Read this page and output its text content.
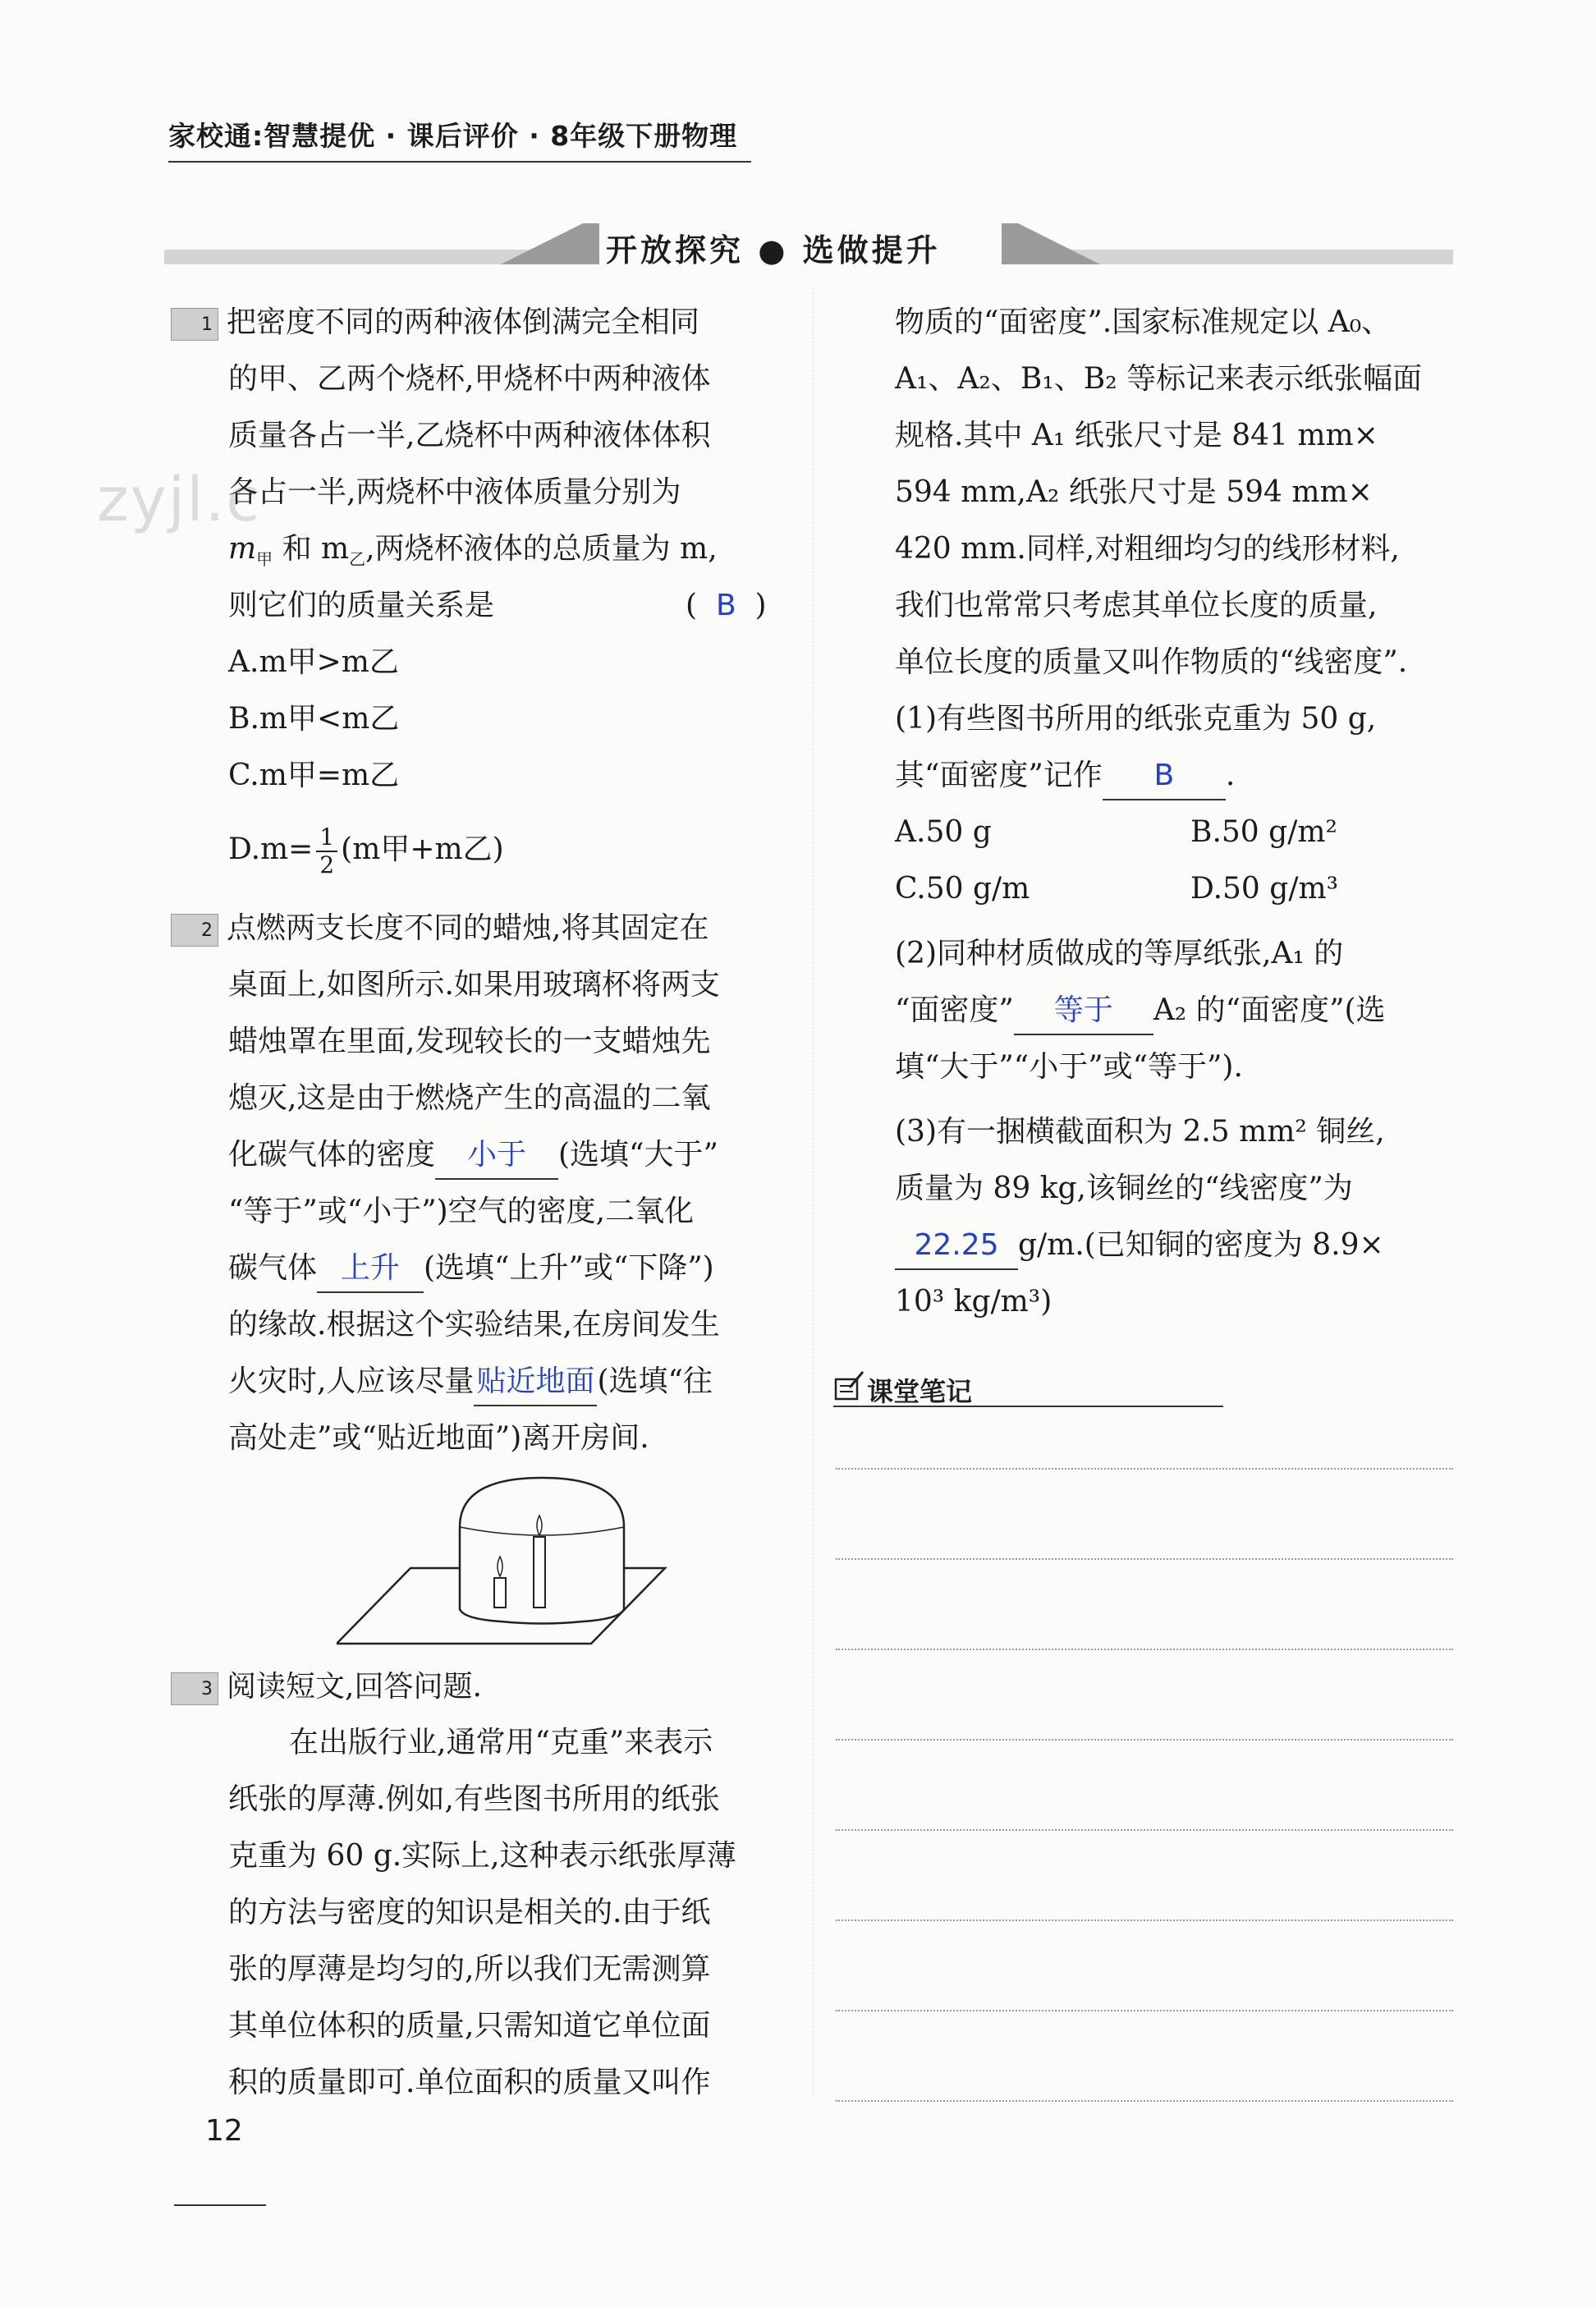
家校通:智慧提优 · 课后评价 · 8年级下册物理
开放探究 ● 选做提升
zyjl.c
1 把密度不同的两种液体倒满完全相同
的甲、乙两个烧杯,甲烧杯中两种液体
质量各占一半,乙烧杯中两种液体体积
各占一半,两烧杯中液体质量分别为
$m_甲$ 和 $m_乙$,两烧杯液体的总质量为 m,
则它们的质量关系是	( B )
A.m甲>m乙
B.m甲<m乙
C.m甲=m乙
$D.m= \frac{1}{2} (m$甲+m乙)
2 点燃两支长度不同的蜡烛,将其固定在
桌面上,如图所示.如果用玻璃杯将两支
蜡烛罩在里面,发现较长的一支蜡烛先
熄灭,这是由于燃烧产生的高温的二氧
化碳气体的密度 小于 (选填“大于”
“等于”或“小于”)空气的密度,二氧化
碳气体 上升 (选填“上升”或“下降”)
的缘故.根据这个实验结果,在房间发生
火灾时,人应该尽量贴近地面(选填“往
高处走”或“贴近地面”)离开房间.
3 阅读短文,回答问题.
在出版行业,通常用“克重”来表示
纸张的厚薄.例如,有些图书所用的纸张
克重为 60 g.实际上,这种表示纸张厚薄
的方法与密度的知识是相关的.由于纸
张的厚薄是均匀的,所以我们无需测算
其单位体积的质量,只需知道它单位面
积的质量即可.单位面积的质量又叫作
物质的“面密度”.国家标准规定以 A₀、
A₁、A₂、B₁、B₂ 等标记来表示纸张幅面
规格.其中 A₁ 纸张尺寸是 841 mm×
594 mm,A₂ 纸张尺寸是 594 mm×
420 mm.同样,对粗细均匀的线形材料,
我们也常常只考虑其单位长度的质量,
单位长度的质量又叫作物质的“线密度”.
(1)有些图书所用的纸张克重为 50 g,
其“面密度”记作 B .
A.50 g	B.50 g/m²
C.50 g/m	D.50 g/m³
(2)同种材质做成的等厚纸张,A₁ 的
“面密度” 等于 A₂ 的“面密度”(选
填“大于”“小于”或“等于”).
(3)有一捆横截面积为 2.5 mm² 铜丝,
质量为 89 kg,该铜丝的“线密度”为
22.25 g/m.(已知铜的密度为 8.9×
10³ kg/m³)
课堂笔记
12
